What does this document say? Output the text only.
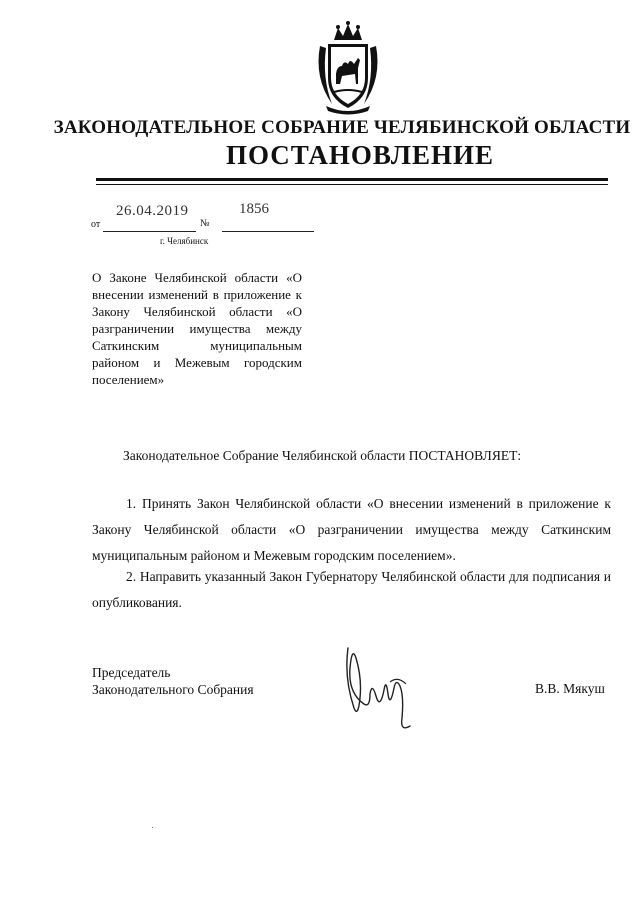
ЗАКОНОДАТЕЛЬНОЕ СОБРАНИЕ ЧЕЛЯБИНСКОЙ ОБЛАСТИ
ПОСТАНОВЛЕНИЕ
от
26.04.2019
№
1856
г. Челябинск
О Законе Челябинской области «О внесении изменений в приложение к Закону Челябинской области «О разграничении имущества между Саткинским муниципальным районом и Межевым городским поселением»
Законодательное Собрание Челябинской области ПОСТАНОВЛЯЕТ:
1. Принять Закон Челябинской области «О внесении изменений в приложение к Закону Челябинской области «О разграничении имущества между Саткинским муниципальным районом и Межевым городским поселением».
2. Направить указанный Закон Губернатору Челябинской области для подписания и опубликования.
Председатель
Законодательного Собрания	В.В. Мякуш
